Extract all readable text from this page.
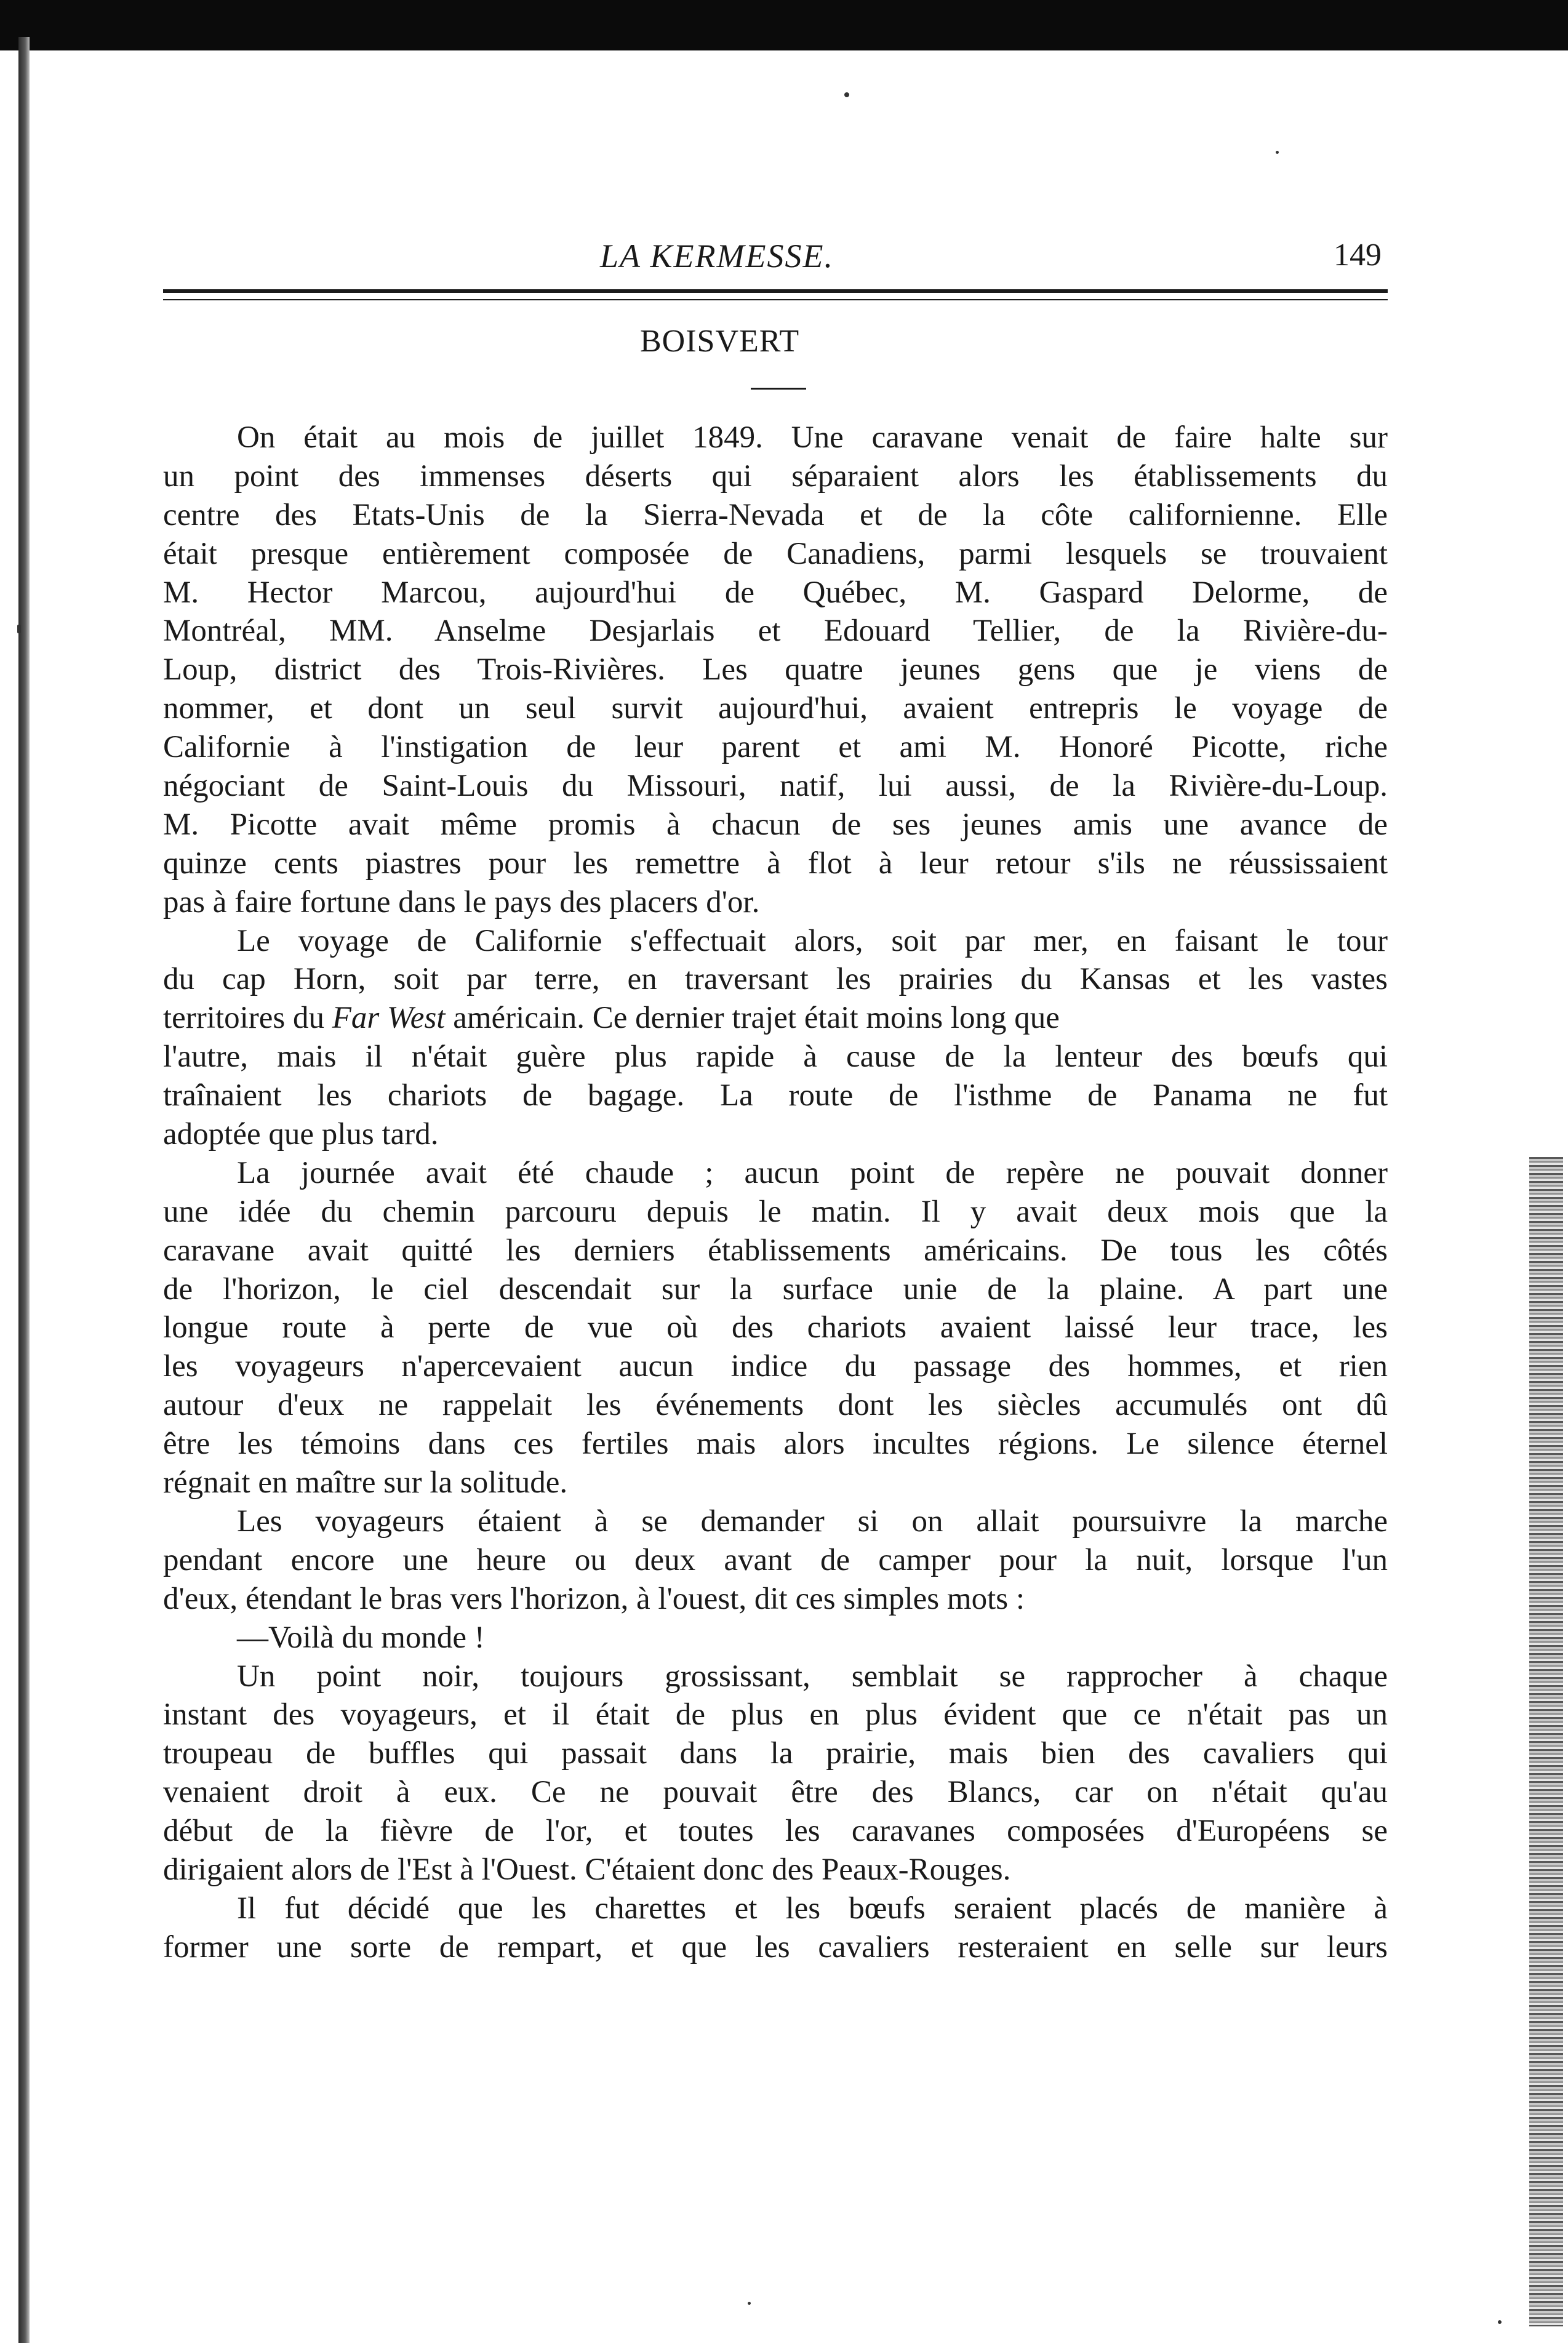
LA KERMESSE.	149
BOISVERT
On était au mois de juillet 1849. Une caravane venait de faire halte sur
un point des immenses déserts qui séparaient alors les établissements du
centre des Etats-Unis de la Sierra-Nevada et de la côte californienne. Elle
était presque entièrement composée de Canadiens, parmi lesquels se trouvaient
M. Hector Marcou, aujourd'hui de Québec, M. Gaspard Delorme, de
Montréal, MM. Anselme Desjarlais et Edouard Tellier, de la Rivière-du-
Loup, district des Trois-Rivières. Les quatre jeunes gens que je viens de
nommer, et dont un seul survit aujourd'hui, avaient entrepris le voyage de
Californie à l'instigation de leur parent et ami M. Honoré Picotte, riche
négociant de Saint-Louis du Missouri, natif, lui aussi, de la Rivière-du-Loup.
M. Picotte avait même promis à chacun de ses jeunes amis une avance de
quinze cents piastres pour les remettre à flot à leur retour s'ils ne réussissaient
pas à faire fortune dans le pays des placers d'or.
Le voyage de Californie s'effectuait alors, soit par mer, en faisant le tour
du cap Horn, soit par terre, en traversant les prairies du Kansas et les vastes
territoires du Far West américain. Ce dernier trajet était moins long que
l'autre, mais il n'était guère plus rapide à cause de la lenteur des bœufs qui
traînaient les chariots de bagage. La route de l'isthme de Panama ne fut
adoptée que plus tard.
La journée avait été chaude ; aucun point de repère ne pouvait donner
une idée du chemin parcouru depuis le matin. Il y avait deux mois que la
caravane avait quitté les derniers établissements américains. De tous les côtés
de l'horizon, le ciel descendait sur la surface unie de la plaine. A part une
longue route à perte de vue où des chariots avaient laissé leur trace, les
les voyageurs n'apercevaient aucun indice du passage des hommes, et rien
autour d'eux ne rappelait les événements dont les siècles accumulés ont dû
être les témoins dans ces fertiles mais alors incultes régions. Le silence éternel
régnait en maître sur la solitude.
Les voyageurs étaient à se demander si on allait poursuivre la marche
pendant encore une heure ou deux avant de camper pour la nuit, lorsque l'un
d'eux, étendant le bras vers l'horizon, à l'ouest, dit ces simples mots :
—Voilà du monde !
Un point noir, toujours grossissant, semblait se rapprocher à chaque
instant des voyageurs, et il était de plus en plus évident que ce n'était pas un
troupeau de buffles qui passait dans la prairie, mais bien des cavaliers qui
venaient droit à eux. Ce ne pouvait être des Blancs, car on n'était qu'au
début de la fièvre de l'or, et toutes les caravanes composées d'Européens se
dirigaient alors de l'Est à l'Ouest. C'étaient donc des Peaux-Rouges.
Il fut décidé que les charettes et les bœufs seraient placés de manière à
former une sorte de rempart, et que les cavaliers resteraient en selle sur leurs
